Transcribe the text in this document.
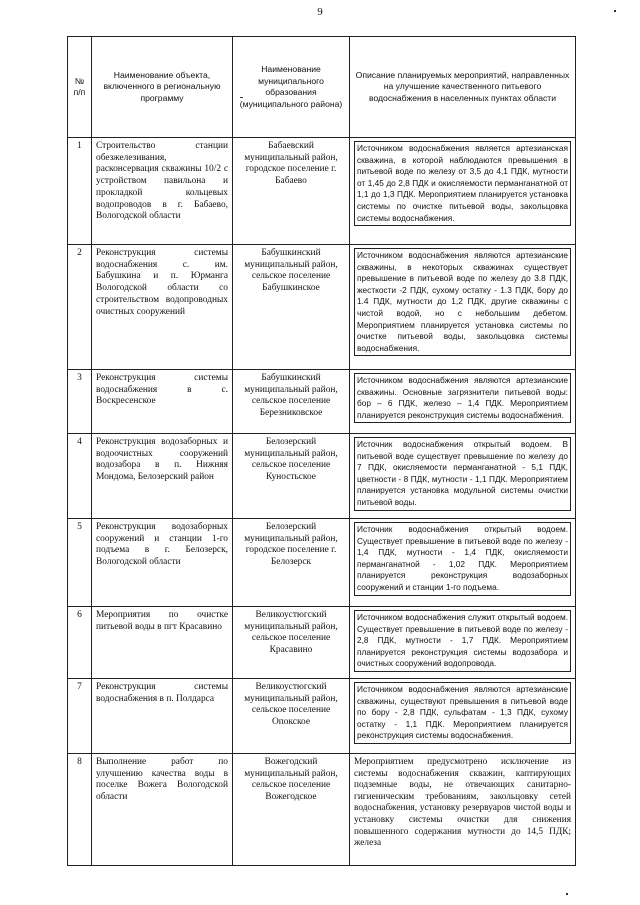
9
№ п/п	Наименование объекта, включенного в региональную программу	Наименование муниципального образования (муниципального района)	Описание планируемых мероприятий, направленных на улучшение качественного питьевого водоснабжения в населенных пунктах области
1	Строительство станции обезжелезивания, расконсервация скважины 10/2 с устройством павильона и прокладкой кольцевых водопроводов в г. Бабаево, Вологодской области	Бабаевский муниципальный район, городское поселение г. Бабаево	Источником водоснабжения является артезианская скважина, в которой наблюдаются превышения в питьевой воде по железу от 3,5 до 4,1 ПДК, мутности от 1,45 до 2,8 ПДК и окисляемости перманганатной от 1,1 до 1,3 ПДК. Мероприятием планируется установка системы по очистке питьевой воды, закольцовка системы водоснабжения.

2	Реконструкция системы водоснабжения с. им. Бабушкина и п. Юрманга Вологодской области со строительством водопроводных очистных сооружений	Бабушкинский муниципальный район, сельское поселение Бабушкинское	Источником водоснабжения являются артезианские скважины, в некоторых скважинах существует превышение в питьевой воде по железу до 3.8 ПДК, жесткости -2 ПДК, сухому остатку - 1.3 ПДК, бору до 1.4 ПДК, мутности до 1,2 ПДК, другие скважины с чистой водой, но с небольшим дебетом. Мероприятием планируется установка системы по очистке питьевой воды, закольцовка системы водоснабжения.

3	Реконструкция системы водоснабжения в с. Воскресенское	Бабушкинский муниципальный район, сельское поселение Березниковское	Источником водоснабжения являются артезианские скважины. Основные загрязнители питьевой воды: бор – 6 ПДК, железо – 1,4 ПДК. Мероприятием планируется реконструкция системы водоснабжения.

4	Реконструкция водозаборных и водоочистных сооружений водозабора в п. Нижняя Мондома, Белозерский район	Белозерский муниципальный район, сельское поселение Куностьское	Источник водоснабжения открытый водоем. В питьевой воде существует превышение по железу до 7 ПДК, окисляемости перманганатной - 5,1 ПДК, цветности - 8 ПДК, мутности - 1,1 ПДК. Мероприятием планируется установка модульной системы очистки питьевой воды.

5	Реконструкция водозаборных сооружений и станции 1-го подъема в г. Белозерск, Вологодской области	Белозерский муниципальный район, городское поселение г. Белозерск	Источник водоснабжения открытый водоем. Существует превышение в питьевой воде по железу - 1,4 ПДК, мутности - 1,4 ПДК, окисляемости перманганатной - 1,02 ПДК. Мероприятием планируется реконструкция водозаборных сооружений и станции 1-го подъема.

6	Мероприятия по очистке питьевой воды в пгт Красавино	Великоустюгский муниципальный район, сельское поселение Красавино	Источником водоснабжения служит открытый водоем. Существует превышение в питьевой воде по железу - 2,8 ПДК, мутности - 1,7 ПДК. Мероприятием планируется реконструкция системы водозабора и очистных сооружений водопровода.

7	Реконструкция системы водоснабжения в п. Полдарса	Великоустюгский муниципальный район, сельское поселение Опокское	Источником водоснабжения являются артезианские скважины, существуют превышения в питьевой воде по бору - 2,8 ПДК, сульфатам - 1,3 ПДК, сухому остатку - 1,1 ПДК. Мероприятием планируется реконструкция системы водоснабжения.

8	Выполнение работ по улучшению качества воды в поселке Вожега Вологодской области	Вожегодский муниципальный район, сельское поселение Вожегодское	Мероприятием предусмотрено исключение из системы водоснабжения скважин, каптирующих подземные воды, не отвечающих санитарно-гигиеническим требованиям, закольцовку сетей водоснабжения, установку резервуаров чистой воды и установку системы очистки для снижения повышенного содержания мутности до 14,5 ПДК; железа
